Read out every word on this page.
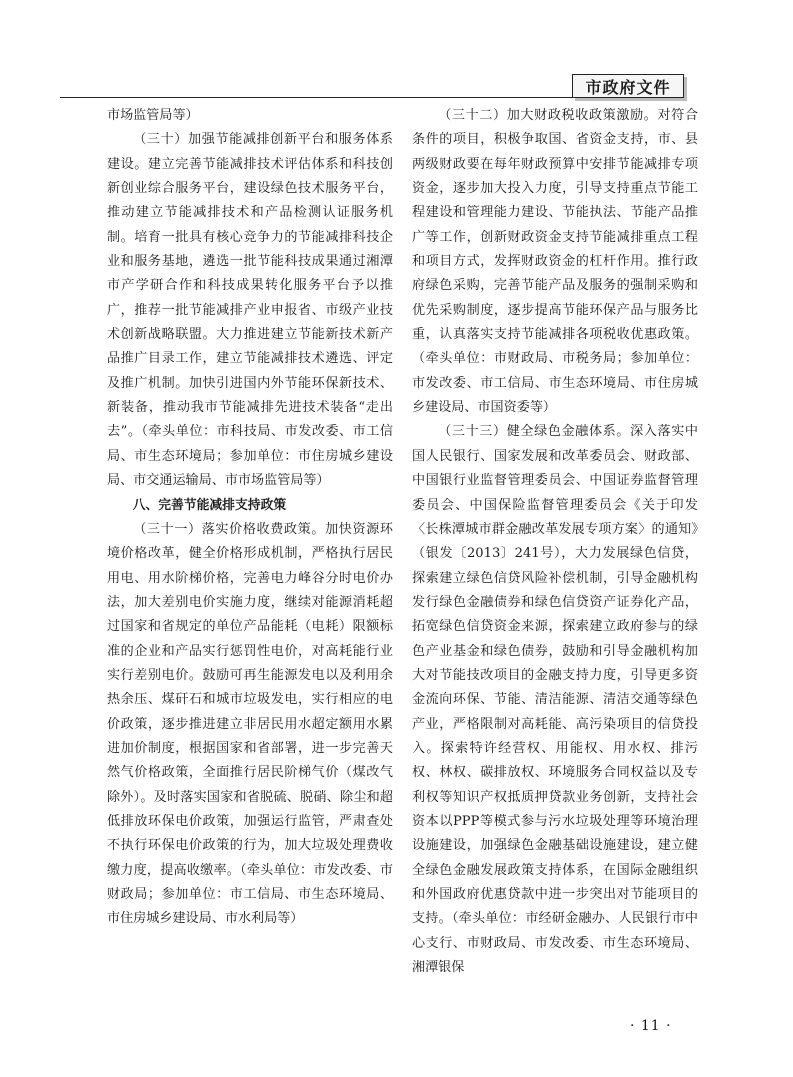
市政府文件

市场监管局等）

（三十）加强节能减排创新平台和服务体系建设。建立完善节能减排技术评估体系和科技创新创业综合服务平台，建设绿色技术服务平台，推动建立节能减排技术和产品检测认证服务机制。培育一批具有核心竞争力的节能减排科技企业和服务基地，遴选一批节能科技成果通过湘潭市产学研合作和科技成果转化服务平台予以推广，推荐一批节能减排产业申报省、市级产业技术创新战略联盟。大力推进建立节能新技术新产品推广目录工作，建立节能减排技术遴选、评定及推广机制。加快引进国内外节能环保新技术、新装备，推动我市节能减排先进技术装备“走出去”。（牵头单位：市科技局、市发改委、市工信局、市生态环境局；参加单位：市住房城乡建设局、市交通运输局、市市场监管局等）

八、完善节能减排支持政策

（三十一）落实价格收费政策。加快资源环境价格改革，健全价格形成机制，严格执行居民用电、用水阶梯价格，完善电力峰谷分时电价办法，加大差别电价实施力度，继续对能源消耗超过国家和省规定的单位产品能耗（电耗）限额标准的企业和产品实行惩罚性电价，对高耗能行业实行差别电价。鼓励可再生能源发电以及利用余热余压、煤矸石和城市垃圾发电，实行相应的电价政策，逐步推进建立非居民用水超定额用水累进加价制度，根据国家和省部署，进一步完善天然气价格政策，全面推行居民阶梯气价（煤改气除外）。及时落实国家和省脱硫、脱硝、除尘和超低排放环保电价政策，加强运行监管，严肃查处不执行环保电价政策的行为，加大垃圾处理费收缴力度，提高收缴率。（牵头单位：市发改委、市财政局；参加单位：市工信局、市生态环境局、市住房城乡建设局、市水利局等）

（三十二）加大财政税收政策激励。对符合条件的项目，积极争取国、省资金支持，市、县两级财政要在每年财政预算中安排节能减排专项资金，逐步加大投入力度，引导支持重点节能工程建设和管理能力建设、节能执法、节能产品推广等工作，创新财政资金支持节能减排重点工程和项目方式，发挥财政资金的杠杆作用。推行政府绿色采购，完善节能产品及服务的强制采购和优先采购制度，逐步提高节能环保产品与服务比重，认真落实支持节能减排各项税收优惠政策。（牵头单位：市财政局、市税务局；参加单位：市发改委、市工信局、市生态环境局、市住房城乡建设局、市国资委等）

（三十三）健全绿色金融体系。深入落实中国人民银行、国家发展和改革委员会、财政部、中国银行业监督管理委员会、中国证券监督管理委员会、中国保险监督管理委员会《关于印发〈长株潭城市群金融改革发展专项方案〉的通知》（银发〔2013〕241号），大力发展绿色信贷，探索建立绿色信贷风险补偿机制，引导金融机构发行绿色金融债券和绿色信贷资产证券化产品，拓宽绿色信贷资金来源，探索建立政府参与的绿色产业基金和绿色债券，鼓励和引导金融机构加大对节能技改项目的金融支持力度，引导更多资金流向环保、节能、清洁能源、清洁交通等绿色产业，严格限制对高耗能、高污染项目的信贷投入。探索特许经营权、用能权、用水权、排污权、林权、碳排放权、环境服务合同权益以及专利权等知识产权抵质押贷款业务创新，支持社会资本以PPP等模式参与污水垃圾处理等环境治理设施建设，加强绿色金融基础设施建设，建立健全绿色金融发展政策支持体系，在国际金融组织和外国政府优惠贷款中进一步突出对节能项目的支持。（牵头单位：市经研金融办、人民银行市中心支行、市财政局、市发改委、市生态环境局、湘潭银保

· 11 ·
